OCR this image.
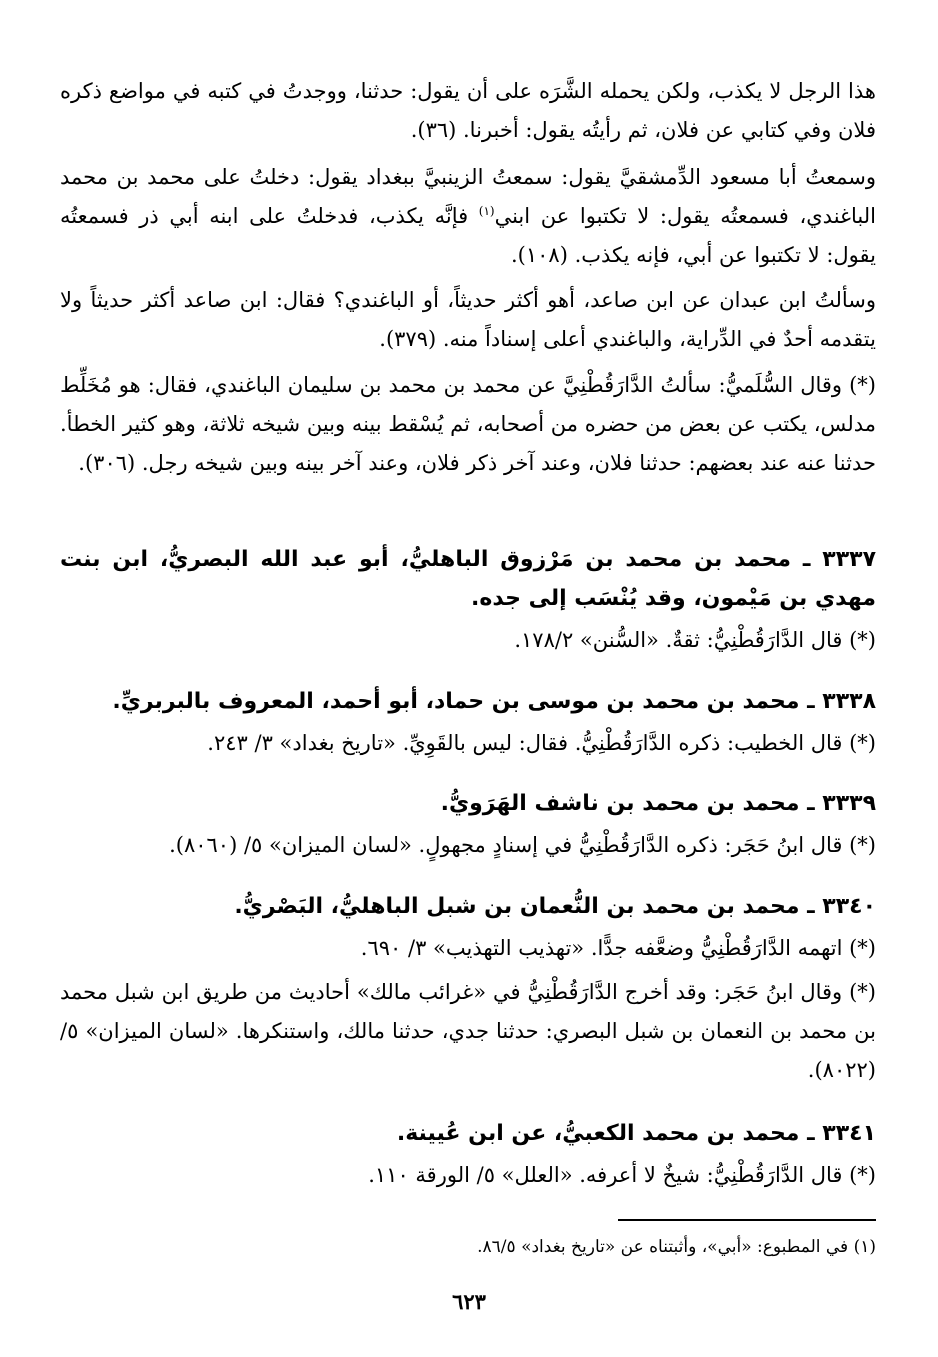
هذا الرجل لا يكذب، ولكن يحمله الشَّرَه على أن يقول: حدثنا، ووجدتُ في كتبه في مواضع ذكره فلان وفي كتابي عن فلان، ثم رأيتُه يقول: أخبرنا. (٣٦).

وسمعتُ أبا مسعود الدِّمشقيَّ يقول: سمعتُ الزينبيَّ ببغداد يقول: دخلتُ على محمد بن محمد الباغندي، فسمعتُه يقول: لا تكتبوا عن ابني$^{(١)}$ فإنَّه يكذب، فدخلتُ على ابنه أبي ذر فسمعتُه يقول: لا تكتبوا عن أبي، فإنه يكذب. (١٠٨).

وسألتُ ابن عبدان عن ابن صاعد، أهو أكثر حديثاً، أو الباغندي؟ فقال: ابن صاعد أكثر حديثاً ولا يتقدمه أحدٌ في الدِّراية، والباغندي أعلى إسناداً منه. (٣٧٩).

(*) وقال السُّلَميُّ: سألتُ الدَّارَقُطْنِيَّ عن محمد بن محمد بن سليمان الباغندي، فقال: هو مُخَلِّط مدلس، يكتب عن بعض من حضره من أصحابه، ثم يُسْقط بينه وبين شيخه ثلاثة، وهو كثير الخطأ. حدثنا عنه عند بعضهم: حدثنا فلان، وعند آخر ذكر فلان، وعند آخر بينه وبين شيخه رجل. (٣٠٦).

٣٣٣٧ ـ محمد بن محمد بن مَرْزوق الباهليُّ، أبو عبد الله البصريُّ، ابن بنت مهدي بن مَيْمون، وقد يُنْسَب إلى جده.

(*) قال الدَّارَقُطْنِيُّ: ثقةٌ. «السُّنن» ١٧٨/٢.

٣٣٣٨ ـ محمد بن محمد بن موسى بن حماد، أبو أحمد، المعروف بالبربريِّ.

(*) قال الخطيب: ذكره الدَّارَقُطْنِيُّ. فقال: ليس بالقَوِيِّ. «تاريخ بغداد» ٣/ ٢٤٣.

٣٣٣٩ ـ محمد بن محمد بن ناشف الهَرَويُّ.

(*) قال ابنُ حَجَر: ذكره الدَّارَقُطْنِيُّ في إسنادٍ مجهولٍ. «لسان الميزان» ٥/ (٨٠٦٠).

٣٣٤٠ ـ محمد بن محمد بن النُّعمان بن شبل الباهليُّ، البَصْريُّ.

(*) اتهمه الدَّارَقُطْنِيُّ وضعَّفه جدًّا. «تهذيب التهذيب» ٣/ ٦٩٠.

(*) وقال ابنُ حَجَر: وقد أخرج الدَّارَقُطْنِيُّ في «غرائب مالك» أحاديث من طريق ابن شبل محمد بن محمد بن النعمان بن شبل البصري: حدثنا جدي، حدثنا مالك، واستنكرها. «لسان الميزان» ٥/ (٨٠٢٢).

٣٣٤١ ـ محمد بن محمد الكعبيُّ، عن ابن عُيينة.

(*) قال الدَّارَقُطْنِيُّ: شيخٌ لا أعرفه. «العلل» ٥/ الورقة ١١٠.

(١) في المطبوع: «أبي»، وأثبتناه عن «تاريخ بغداد» ٨٦/٥.

٦٢٣
